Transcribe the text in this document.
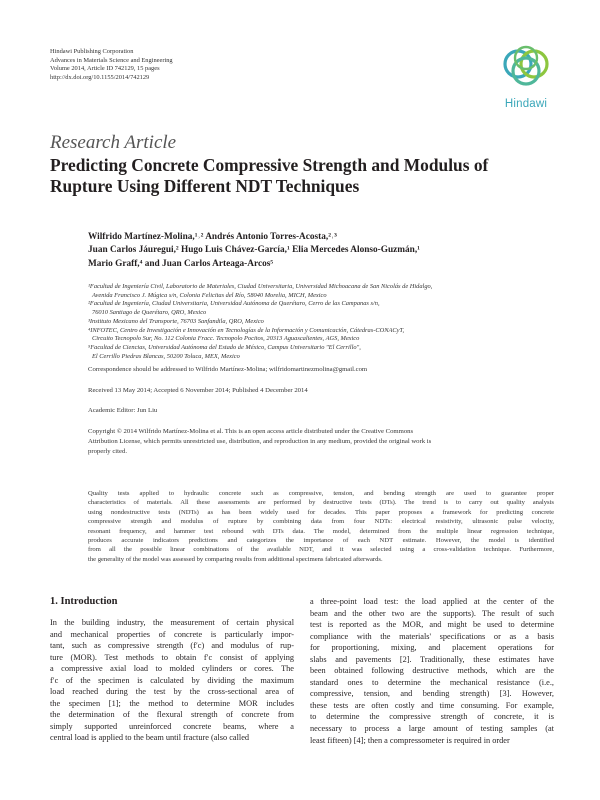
Hindawi Publishing Corporation
Advances in Materials Science and Engineering
Volume 2014, Article ID 742129, 15 pages
http://dx.doi.org/10.1155/2014/742129
Hindawi
Research Article
Predicting Concrete Compressive Strength and Modulus of
Rupture Using Different NDT Techniques
Wilfrido Martínez-Molina,¹˒² Andrés Antonio Torres-Acosta,²˒³
Juan Carlos Jáuregui,² Hugo Luis Chávez-García,¹ Elia Mercedes Alonso-Guzmán,¹
Mario Graff,⁴ and Juan Carlos Arteaga-Arcos⁵
¹Facultad de Ingeniería Civil, Laboratorio de Materiales, Ciudad Universitaria, Universidad Michoacana de San Nicolás de Hidalgo,
Avenida Francisco J. Múgica s/n, Colonia Felicitas del Río, 58040 Morelia, MICH, Mexico
²Facultad de Ingeniería, Ciudad Universitaria, Universidad Autónoma de Querétaro, Cerro de las Campanas s/n,
76010 Santiago de Querétaro, QRO, Mexico
³Instituto Mexicano del Transporte, 76703 Sanfandila, QRO, Mexico
⁴INFOTEC, Centro de Investigación e Innovación en Tecnologías de la Información y Comunicación, Cátedras-CONACyT,
Circuito Tecnopolo Sur, No. 112 Colonia Fracc. Tecnopolo Pocitos, 20313 Aguascalientes, AGS, Mexico
⁵Facultad de Ciencias, Universidad Autónoma del Estado de México, Campus Universitario "El Cerrillo",
El Cerrillo Piedras Blancas, 50200 Toluca, MEX, Mexico
Correspondence should be addressed to Wilfrido Martínez-Molina; wilfridomartinezmolina@gmail.com
Received 13 May 2014; Accepted 6 November 2014; Published 4 December 2014
Academic Editor: Jun Liu
Copyright © 2014 Wilfrido Martínez-Molina et al. This is an open access article distributed under the Creative Commons
Attribution License, which permits unrestricted use, distribution, and reproduction in any medium, provided the original work is
properly cited.
Quality tests applied to hydraulic concrete such as compressive, tension, and bending strength are used to guarantee proper
characteristics of materials. All these assessments are performed by destructive tests (DTs). The trend is to carry out quality analysis
using nondestructive tests (NDTs) as has been widely used for decades. This paper proposes a framework for predicting concrete
compressive strength and modulus of rupture by combining data from four NDTs: electrical resistivity, ultrasonic pulse velocity,
resonant frequency, and hammer test rebound with DTs data. The model, determined from the multiple linear regression technique,
produces accurate indicators predictions and categorizes the importance of each NDT estimate. However, the model is identified
from all the possible linear combinations of the available NDT, and it was selected using a cross-validation technique. Furthermore,
the generality of the model was assessed by comparing results from additional specimens fabricated afterwards.
1. Introduction
In the building industry, the measurement of certain physical
and mechanical properties of concrete is particularly impor-
tant, such as compressive strength (f′c) and modulus of rup-
ture (MOR). Test methods to obtain f′c consist of applying
a compressive axial load to molded cylinders or cores. The
f′c of the specimen is calculated by dividing the maximum
load reached during the test by the cross-sectional area of
the specimen [1]; the method to determine MOR includes
the determination of the flexural strength of concrete from
simply supported unreinforced concrete beams, where a
central load is applied to the beam until fracture (also called
a three-point load test: the load applied at the center of the
beam and the other two are the supports). The result of such
test is reported as the MOR, and might be used to determine
compliance with the materials' specifications or as a basis
for proportioning, mixing, and placement operations for
slabs and pavements [2]. Traditionally, these estimates have
been obtained following destructive methods, which are the
standard ones to determine the mechanical resistance (i.e.,
compressive, tension, and bending strength) [3]. However,
these tests are often costly and time consuming. For example,
to determine the compressive strength of concrete, it is
necessary to process a large amount of testing samples (at
least fifteen) [4]; then a compressometer is required in order
